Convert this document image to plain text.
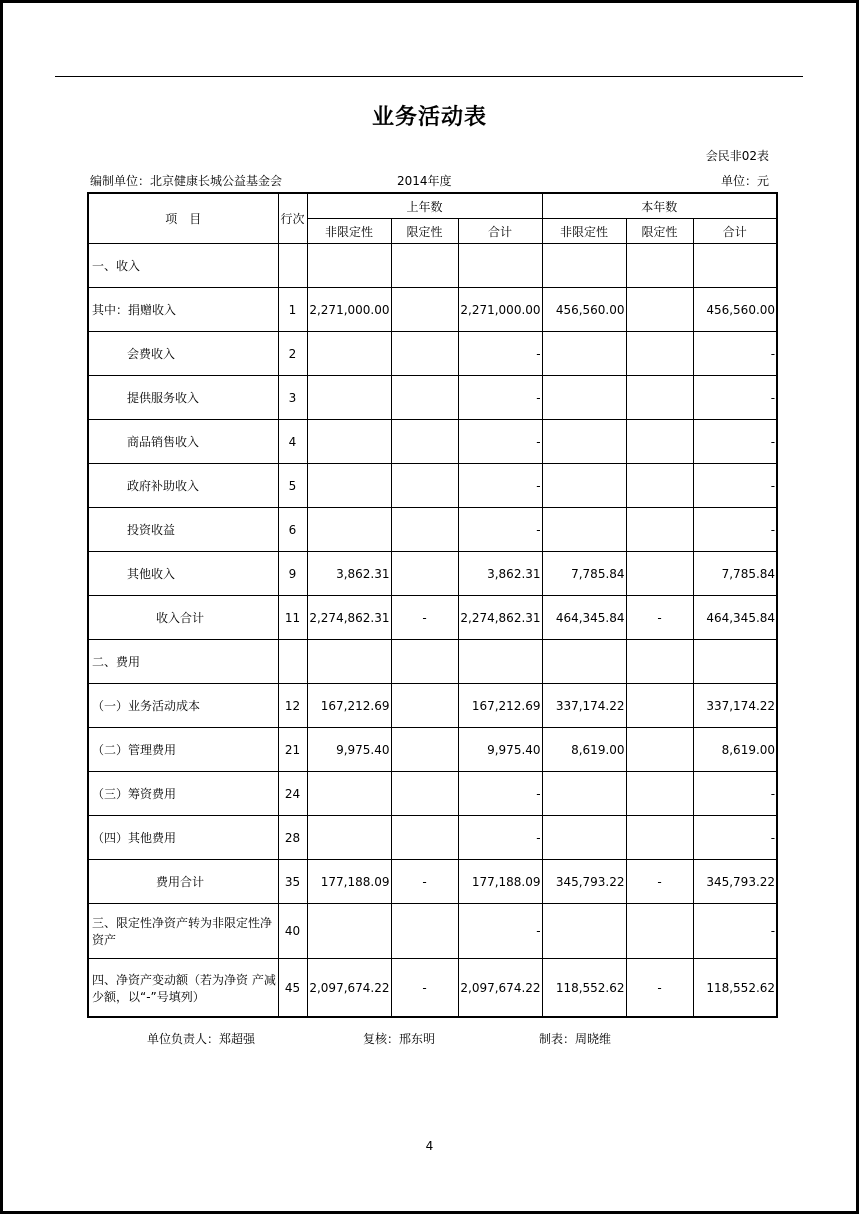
业务活动表
会民非02表
编制单位：北京健康长城公益基金会	2014年度	单位：元
项　目	行次	上年数			本年数		
		非限定性	限定性	合计	非限定性	限定性	合计
一、收入							
其中：捐赠收入	1	2,271,000.00		2,271,000.00	456,560.00		456,560.00
会费收入	2			-			-
提供服务收入	3			-			-
商品销售收入	4			-			-
政府补助收入	5			-			-
投资收益	6			-			-
其他收入	9	3,862.31		3,862.31	7,785.84		7,785.84
收入合计	11	2,274,862.31	-	2,274,862.31	464,345.84	-	464,345.84
二、费用							
（一）业务活动成本	12	167,212.69		167,212.69	337,174.22		337,174.22
（二）管理费用	21	9,975.40		9,975.40	8,619.00		8,619.00
（三）筹资费用	24			-			-
（四）其他费用	28			-			-
费用合计	35	177,188.09	-	177,188.09	345,793.22	-	345,793.22
三、限定性净资产转为非限定性净资产	40			-			-
四、净资产变动额（若为净资 产减少额，以“-”号填列）	45	2,097,674.22	-	2,097,674.22	118,552.62	-	118,552.62
单位负责人：郑超强	复核：邢东明	制表：周晓维
4
